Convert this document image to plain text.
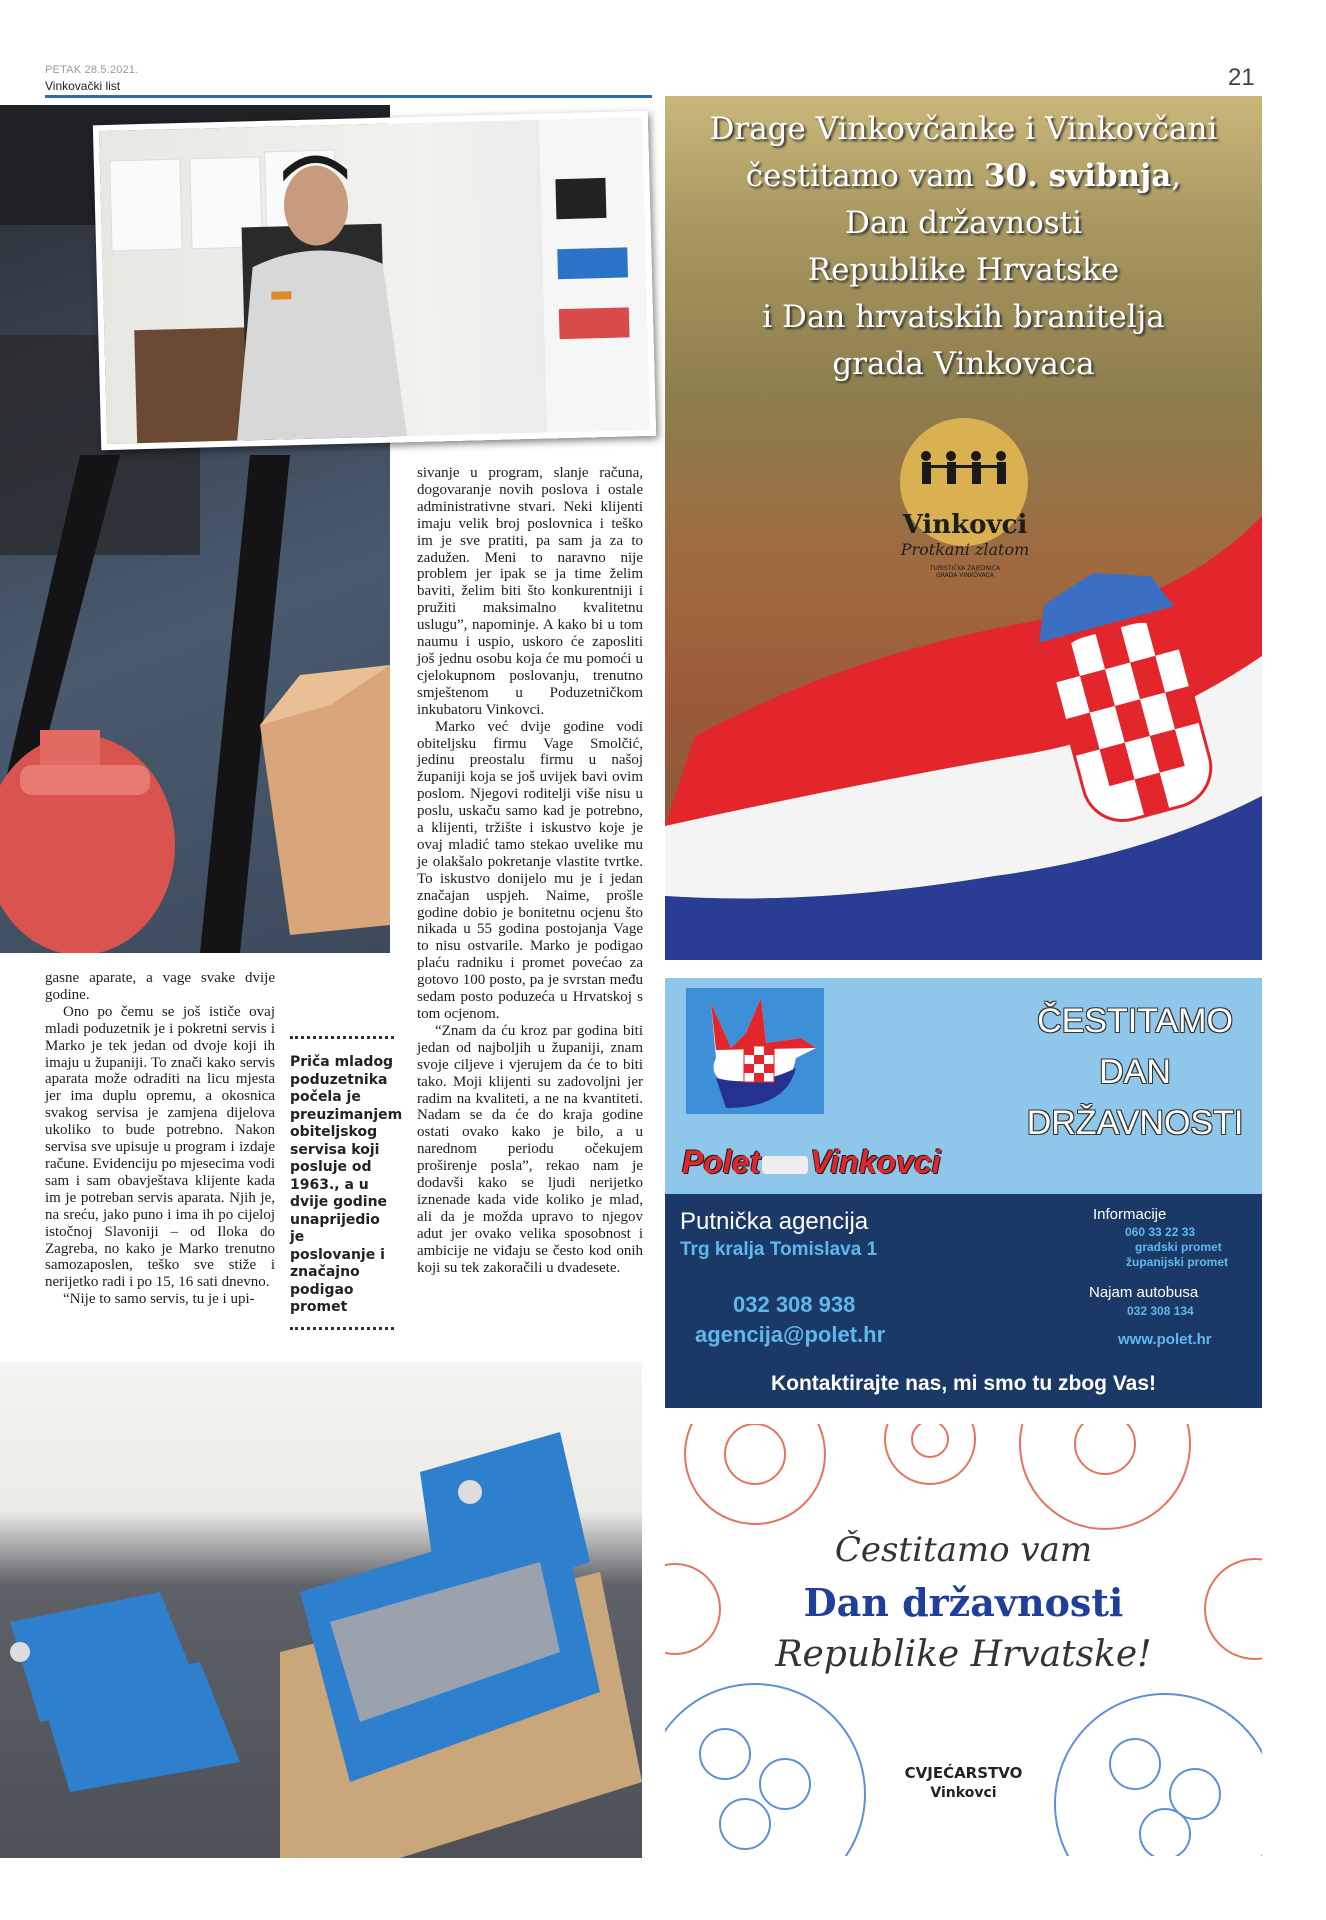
PETAK 28.5.2021.
Vinkovački list	21

gasne aparate, a vage svake dvije godine.

Ono po čemu se još ističe ovaj mladi poduzetnik je i pokretni servis i Marko je tek jedan od dvoje koji ih imaju u županiji. To znači kako servis aparata može odraditi na licu mjesta jer ima duplu opremu, a okosnica svakog servisa je zamjena dijelova ukoliko to bude potrebno. Nakon servisa sve upisuje u program i izdaje račune. Evidenciju po mjesecima vodi sam i sam obavještava klijente kada im je potreban servis aparata. Njih je, na sreću, jako puno i ima ih po cijeloj istočnoj Slavoniji – od Iloka do Zagreba, no kako je Marko trenutno samozaposlen, teško sve stiže i nerijetko radi i po 15, 16 sati dnevno.

“Nije to samo servis, tu je i upi-

Priča mladog poduzetnika počela je preuzimanjem obiteljskog servisa koji posluje od 1963., a u dvije godine unaprijedio je poslovanje i značajno podigao promet

sivanje u program, slanje računa, dogovaranje novih poslova i ostale administrativne stvari. Neki klijenti imaju velik broj poslovnica i teško im je sve pratiti, pa sam ja za to zadužen. Meni to naravno nije problem jer ipak se ja time želim baviti, želim biti što konkurentniji i pružiti maksimalno kvalitetnu uslugu”, napominje. A kako bi u tom naumu i uspio, uskoro će zaposliti još jednu osobu koja će mu pomoći u cjelokupnom poslovanju, trenutno smještenom u Poduzetničkom inkubatoru Vinkovci.

Marko već dvije godine vodi obiteljsku firmu Vage Smolčić, jedinu preostalu firmu u našoj županiji koja se još uvijek bavi ovim poslom. Njegovi roditelji više nisu u poslu, uskaču samo kad je potrebno, a klijenti, tržište i iskustvo koje je ovaj mladić tamo stekao uvelike mu je olakšalo pokretanje vlastite tvrtke. To iskustvo donijelo mu je i jedan značajan uspjeh. Naime, prošle godine dobio je bonitetnu ocjenu što nikada u 55 godina postojanja Vage to nisu ostvarile. Marko je podigao plaću radniku i promet povećao za gotovo 100 posto, pa je svrstan među sedam posto poduzeća u Hrvatskoj s tom ocjenom.

“Znam da ću kroz par godina biti jedan od najboljih u županiji, znam svoje ciljeve i vjerujem da će to biti tako. Moji klijenti su zadovoljni jer radim na kvaliteti, a ne na kvantiteti. Nadam se da će do kraja godine ostati ovako kako je bilo, a u narednom periodu očekujem proširenje posla”, rekao nam je dodavši kako se ljudi nerijetko iznenade kada vide koliko je mlad, ali da je možda upravo to njegov adut jer ovako velika sposobnost i ambicije ne viđaju se često kod onih koji su tek zakoračili u dvadesete.

Drage Vinkovčanke i Vinkovčani
čestitamo vam 30. svibnja,
Dan državnosti
Republike Hrvatske
i Dan hrvatskih branitelja
grada Vinkovaca
Vinkovci
Protkani zlatom
TURISTIČKA ZAJEDNICA
GRADA VINKOVACA
Polet Vinkovci
ČESTITAMO
DAN
DRŽAVNOSTI
Putnička agencija
Trg kralja Tomislava 1
032 308 938
agencija@polet.hr
Informacije
060 33 22 33
gradski promet
županijski promet
Najam autobusa
032 308 134
www.polet.hr
Kontaktirajte nas, mi smo tu zbog Vas!
Čestitamo vam
Dan državnosti
Republike Hrvatske!
CVJEĆARSTVO
Vinkovci
